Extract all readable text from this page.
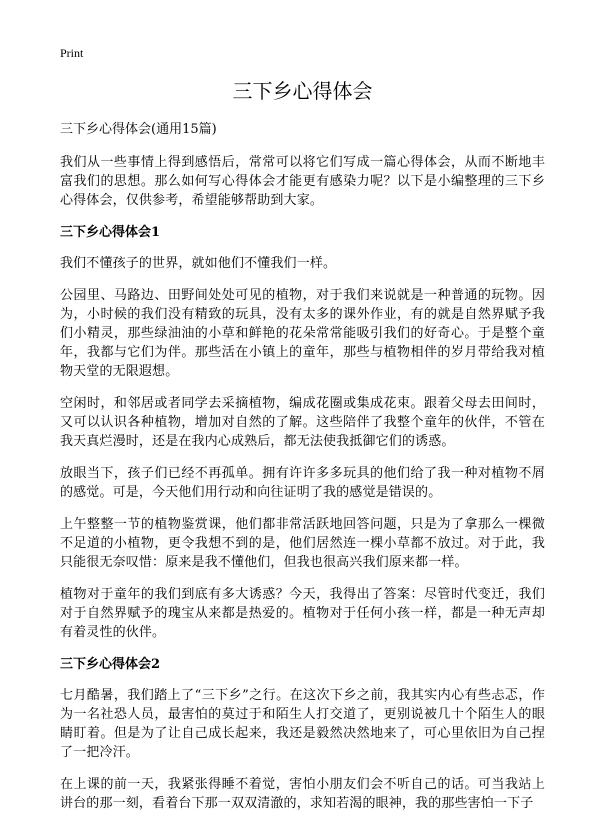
Print
三下乡心得体会

三下乡心得体会(通用15篇)

我们从一些事情上得到感悟后，常常可以将它们写成一篇心得体会，从而不断地丰富我们的思想。那么如何写心得体会才能更有感染力呢？以下是小编整理的三下乡心得体会，仅供参考，希望能够帮助到大家。

三下乡心得体会1

我们不懂孩子的世界，就如他们不懂我们一样。

公园里、马路边、田野间处处可见的植物，对于我们来说就是一种普通的玩物。因为，小时候的我们没有精致的玩具，没有太多的课外作业，有的就是自然界赋予我们小精灵，那些绿油油的小草和鲜艳的花朵常常能吸引我们的好奇心。于是整个童年，我都与它们为伴。那些活在小镇上的童年，那些与植物相伴的岁月带给我对植物天堂的无限遐想。

空闲时，和邻居或者同学去采摘植物，编成花圈或集成花束。跟着父母去田间时，又可以认识各种植物，增加对自然的了解。这些陪伴了我整个童年的伙伴，不管在我天真烂漫时，还是在我内心成熟后，都无法使我抵御它们的诱惑。

放眼当下，孩子们已经不再孤单。拥有许许多多玩具的他们给了我一种对植物不屑的感觉。可是，今天他们用行动和向往证明了我的感觉是错误的。

上午整整一节的植物鉴赏课，他们都非常活跃地回答问题，只是为了拿那么一棵微不足道的小植物，更令我想不到的是，他们居然连一棵小草都不放过。对于此，我只能很无奈叹惜：原来是我不懂他们，但我也很高兴我们原来都一样。

植物对于童年的我们到底有多大诱惑？今天，我得出了答案：尽管时代变迁，我们对于自然界赋予的瑰宝从来都是热爱的。植物对于任何小孩一样，都是一种无声却有着灵性的伙伴。

三下乡心得体会2

七月酷暑，我们踏上了“三下乡”之行。在这次下乡之前，我其实内心有些忐忑，作为一名社恐人员，最害怕的莫过于和陌生人打交道了，更别说被几十个陌生人的眼睛盯着。但是为了让自己成长起来，我还是毅然决然地来了，可心里依旧为自己捏了一把冷汗。

在上课的前一天，我紧张得睡不着觉，害怕小朋友们会不听自己的话。可当我站上讲台的那一刻，看着台下那一双双清澈的，求知若渴的眼神，我的那些害怕一下子
